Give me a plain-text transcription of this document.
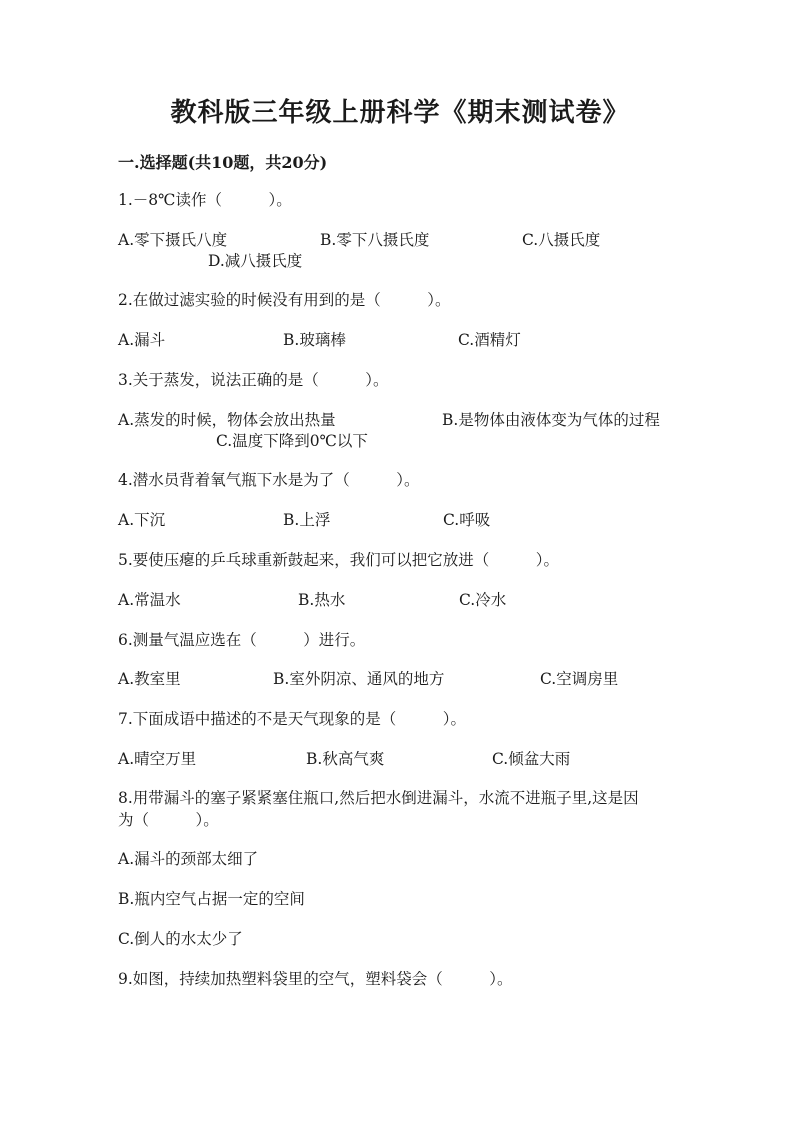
教科版三年级上册科学《期末测试卷》
一.选择题(共10题，共20分)
1.－8℃读作（　　　）。
A.零下摄氏八度	B.零下八摄氏度	C.八摄氏度
D.减八摄氏度
2.在做过滤实验的时候没有用到的是（　　　）。
A.漏斗	B.玻璃棒	C.酒精灯
3.关于蒸发，说法正确的是（　　　）。
A.蒸发的时候，物体会放出热量	B.是物体由液体变为气体的过程
C.温度下降到0℃以下
4.潜水员背着氧气瓶下水是为了（　　　）。
A.下沉	B.上浮	C.呼吸
5.要使压瘪的乒乓球重新鼓起来，我们可以把它放进（　　　）。
A.常温水	B.热水	C.冷水
6.测量气温应选在（　　　）进行。
A.教室里	B.室外阴凉、通风的地方	C.空调房里
7.下面成语中描述的不是天气现象的是（　　　）。
A.晴空万里	B.秋高气爽	C.倾盆大雨
8.用带漏斗的塞子紧紧塞住瓶口,然后把水倒进漏斗，水流不进瓶子里,这是因
为（　　　）。
A.漏斗的颈部太细了
B.瓶内空气占据一定的空间
C.倒人的水太少了
9.如图，持续加热塑料袋里的空气，塑料袋会（　　　）。
